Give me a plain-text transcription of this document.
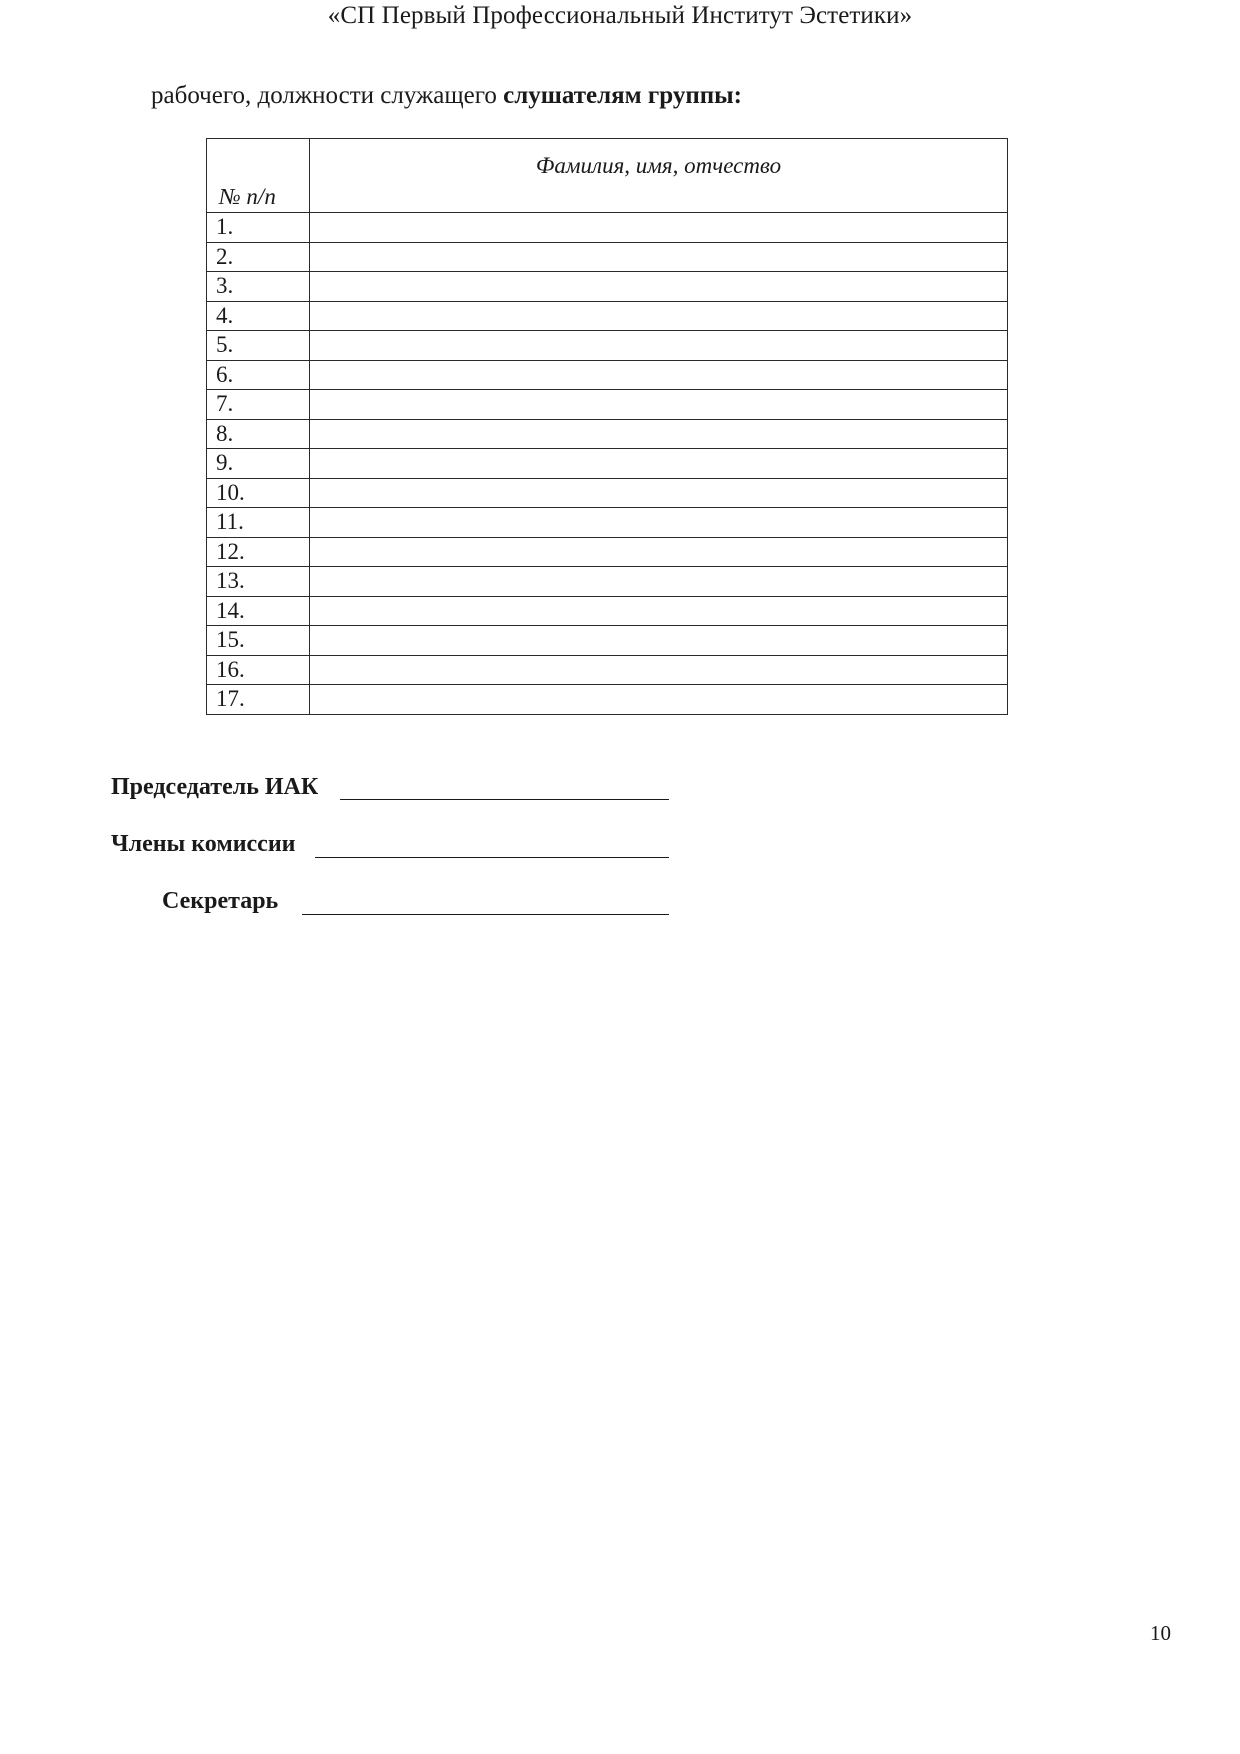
«СП Первый Профессиональный Институт Эстетики»
рабочего, должности служащего слушателям группы:
№ п/п	Фамилия, имя, отчество
1.	
2.	
3.	
4.	
5.	
6.	
7.	
8.	
9.	
10.	
11.	
12.	
13.	
14.	
15.	
16.	
17.	
Председатель ИАК
Члены комиссии
Секретарь
10
